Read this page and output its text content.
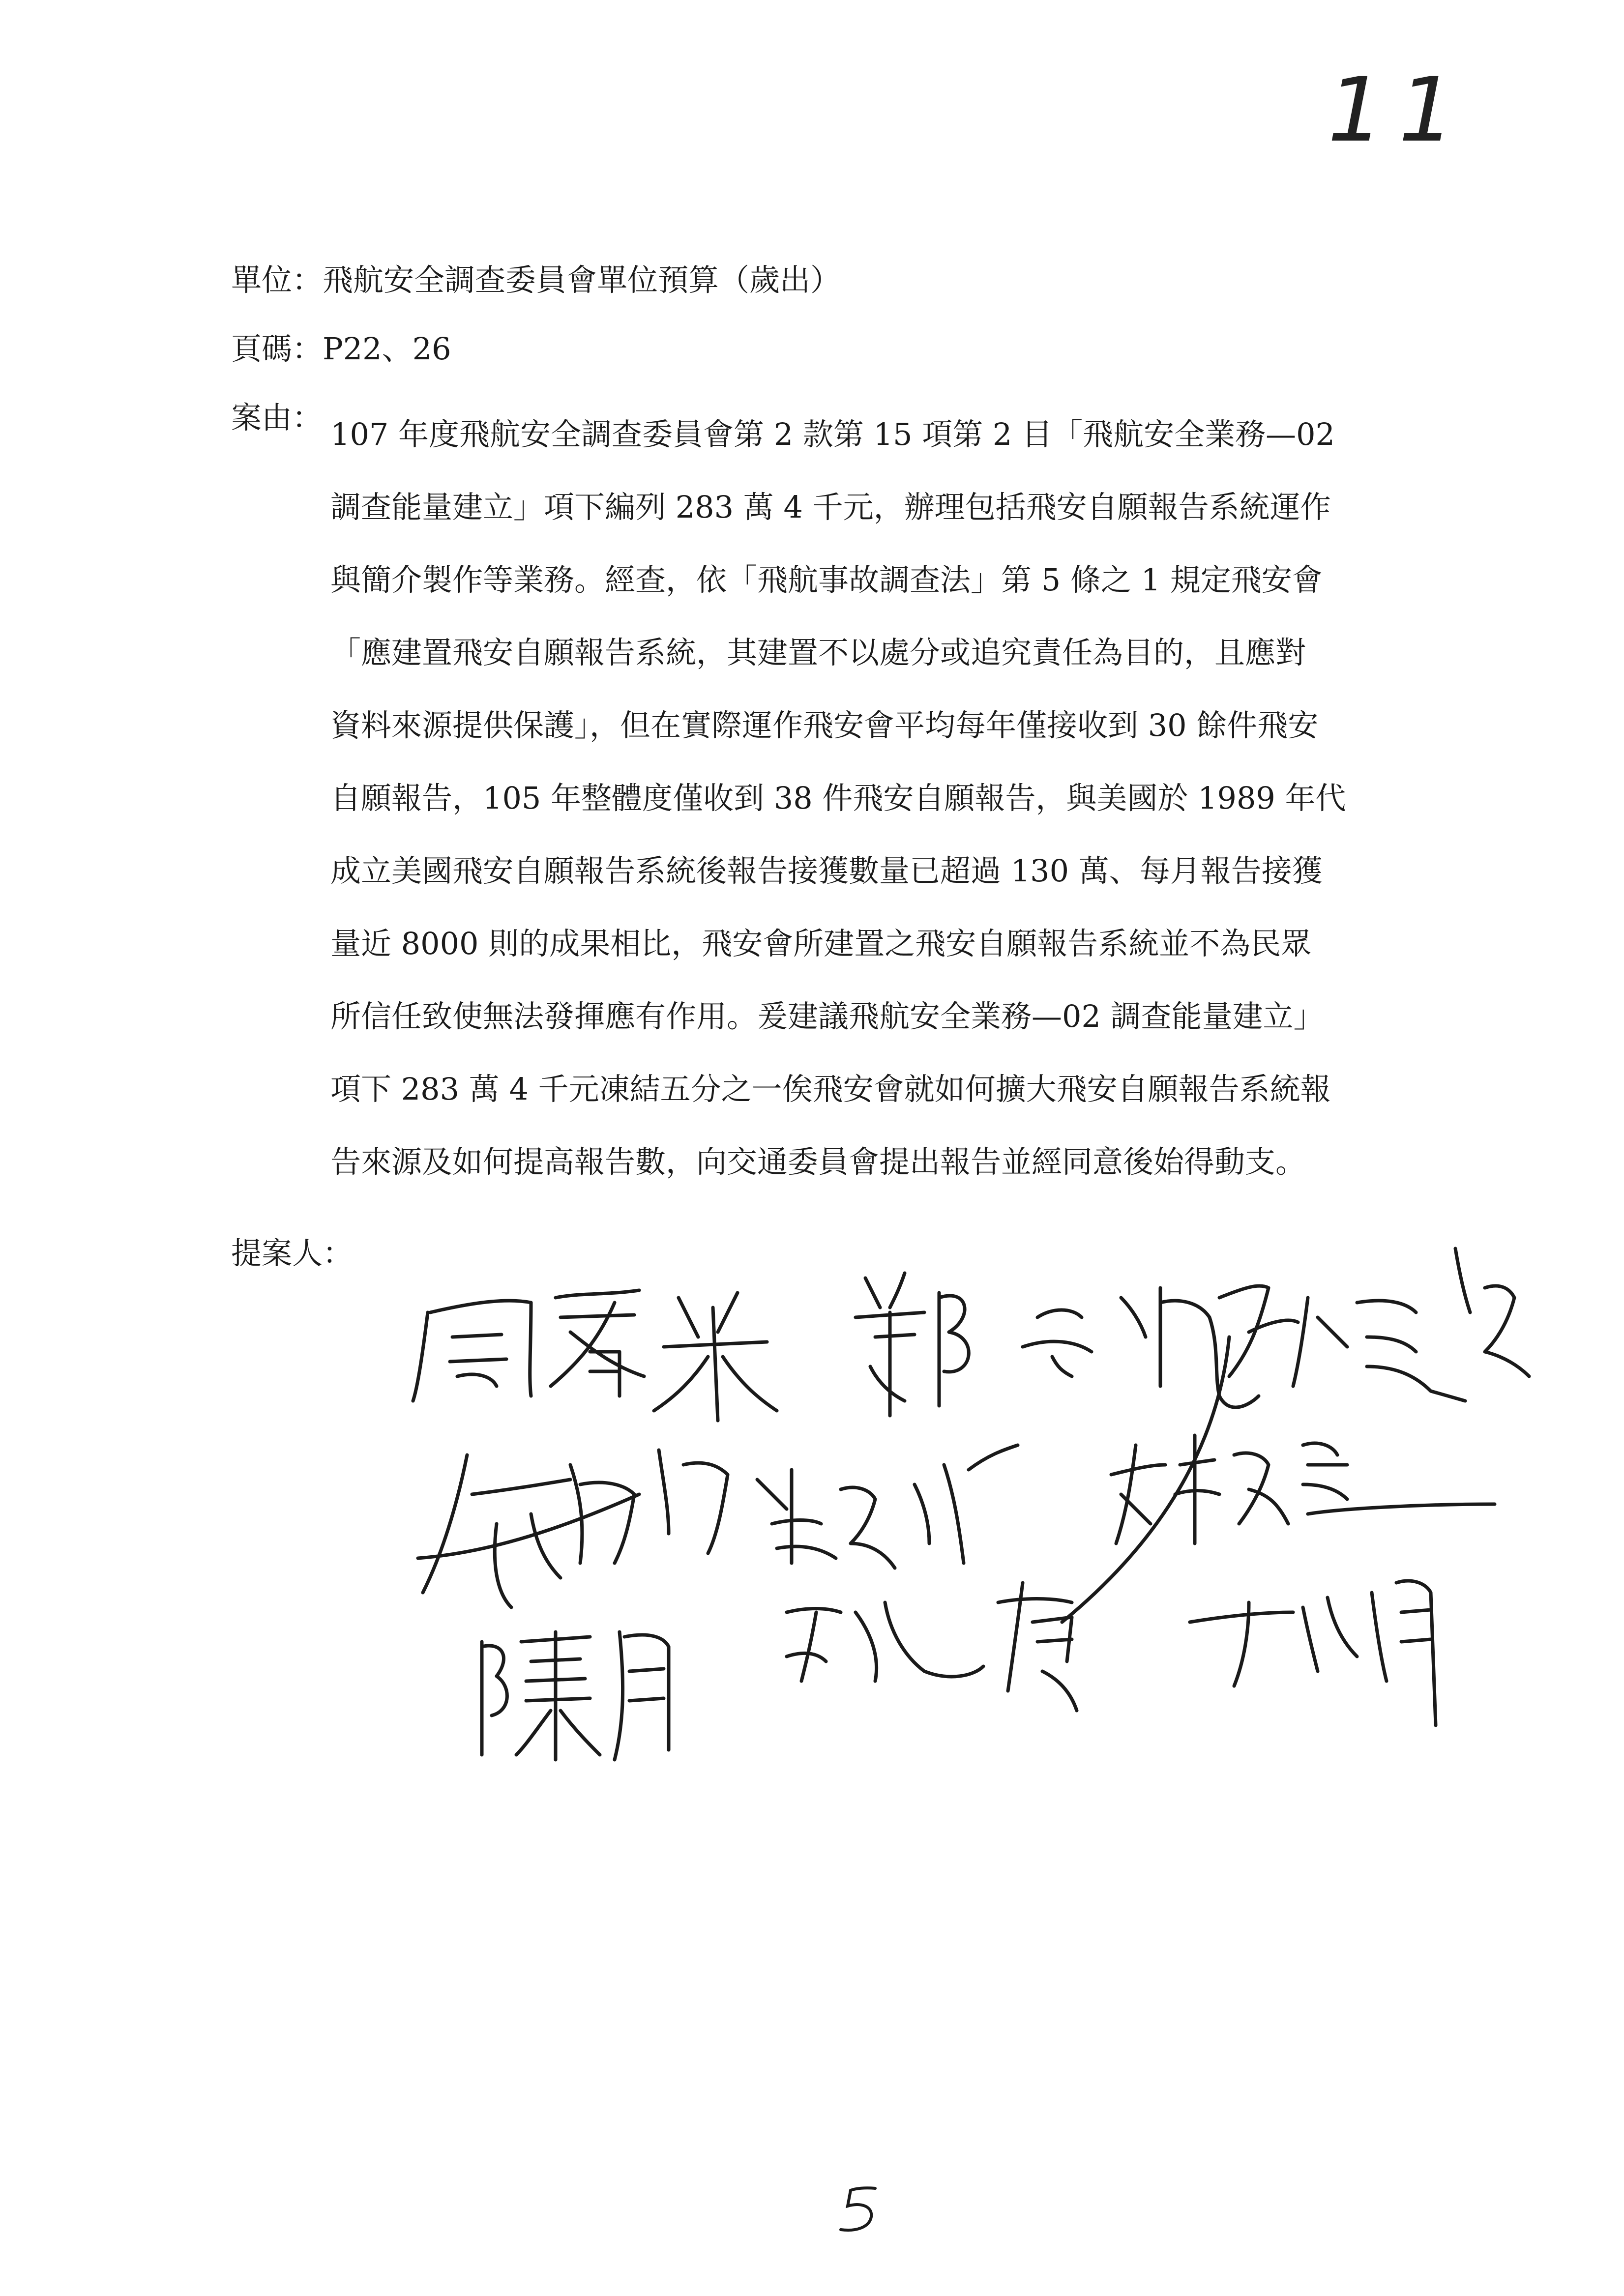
11
單位：飛航安全調查委員會單位預算（歲出）
頁碼：P22、26
案由： 107 年度飛航安全調查委員會第 2 款第 15 項第 2 目「飛航安全業務—02
調查能量建立」項下編列 283 萬 4 千元，辦理包括飛安自願報告系統運作
與簡介製作等業務。經查，依「飛航事故調查法」第 5 條之 1 規定飛安會
「應建置飛安自願報告系統，其建置不以處分或追究責任為目的，且應對
資料來源提供保護」，但在實際運作飛安會平均每年僅接收到 30 餘件飛安
自願報告，105 年整體度僅收到 38 件飛安自願報告，與美國於 1989 年代
成立美國飛安自願報告系統後報告接獲數量已超過 130 萬、每月報告接獲
量近 8000 則的成果相比，飛安會所建置之飛安自願報告系統並不為民眾
所信任致使無法發揮應有作用。爰建議飛航安全業務—02 調查能量建立」
項下 283 萬 4 千元凍結五分之一俟飛安會就如何擴大飛安自願報告系統報
告來源及如何提高報告數，向交通委員會提出報告並經同意後始得動支。
提案人：
